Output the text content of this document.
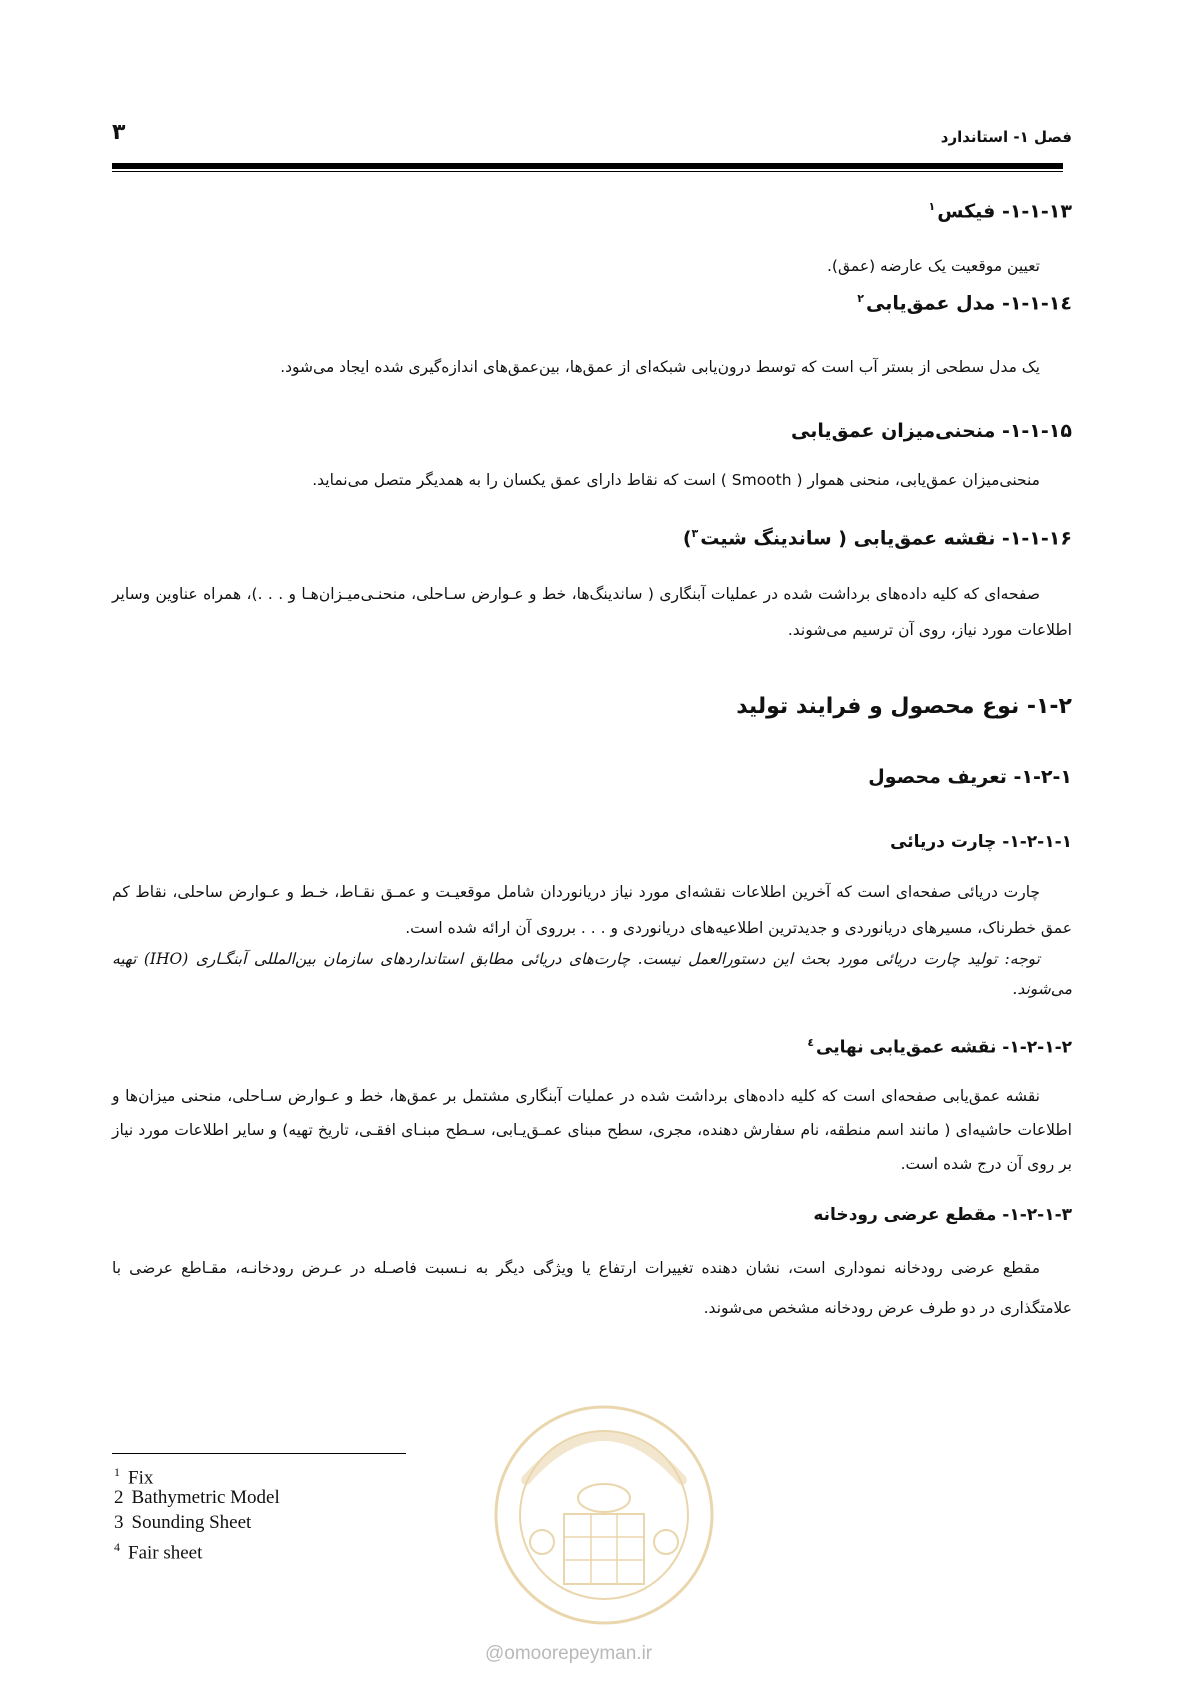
فصل ۱- استاندارد
۳
۱-۱-۱۳- فیکس$^۱$
تعیین موقعیت یک عارضه (عمق).
۱-۱-۱٤- مدل عمق‌یابی$^۲$
یک مدل سطحی از بستر آب است که توسط درون‌یابی شبکه‌ای از عمق‌ها، بین‌عمق‌های اندازه‌گیری شده ایجاد می‌شود.
۱-۱-۱۵- منحنی‌میزان عمق‌یابی
منحنی‌میزان عمق‌یابی، منحنی هموار ( Smooth ) است که نقاط دارای عمق یکسان را به همدیگر متصل می‌نماید.
۱-۱-۱۶- نقشه عمق‌یابی ( ساندینگ شیت$^۳$)
صفحه‌ای که کلیه داده‌های برداشت شده در عملیات آبنگاری ( ساندینگ‌ها، خط و عـوارض سـاحلی، منحنـی‌میـزان‌هـا و . . .)، همراه عناوین وسایر اطلاعات مورد نیاز، روی آن ترسیم می‌شوند.
۱-۲- نوع محصول و فرایند تولید
۱-۲-۱- تعریف محصول
۱-۲-۱-۱- چارت دریائی
چارت دریائی صفحه‌ای است که آخرین اطلاعات نقشه‌ای مورد نیاز دریانوردان شامل موقعیـت و عمـق نقـاط، خـط و عـوارض ساحلی، نقاط کم عمق خطرناک، مسیرهای دریانوردی و جدیدترین اطلاعیه‌های دریانوردی و . . . برروی آن ارائه شده است.
توجه: تولید چارت دریائی مورد بحث این دستورالعمل نیست. چارت‌های دریائی مطابق استانداردهای سازمان بین‌المللی آبنگـاری (IHO) تهیه می‌شوند.
۱-۲-۱-۲- نقشه عمق‌یابی نهایی$^٤$
نقشه عمق‌یابی صفحه‌ای است که کلیه داده‌های برداشت شده در عملیات آبنگاری مشتمل بر عمق‌ها، خط و عـوارض سـاحلی، منحنی میزان‌ها و اطلاعات حاشیه‌ای ( مانند اسم منطقه، نام سفارش دهنده، مجری، سطح مبنای عمـق‌یـابی، سـطح مبنـای افقـی، تاریخ تهیه) و سایر اطلاعات مورد نیاز بر روی آن درج شده است.
۱-۲-۱-۳- مقطع عرضی رودخانه
مقطع عرضی رودخانه نموداری است، نشان دهنده تغییرات ارتفاع یا ویژگی دیگر به نـسبت فاصـله در عـرض رودخانـه، مقـاطع عرضی با علامتگذاری در دو طرف عرض رودخانه مشخص می‌شوند.
$^1$ Fix
2 Bathymetric Model
3 Sounding Sheet
$^4$ Fair sheet
@omoorepeyman.ir
